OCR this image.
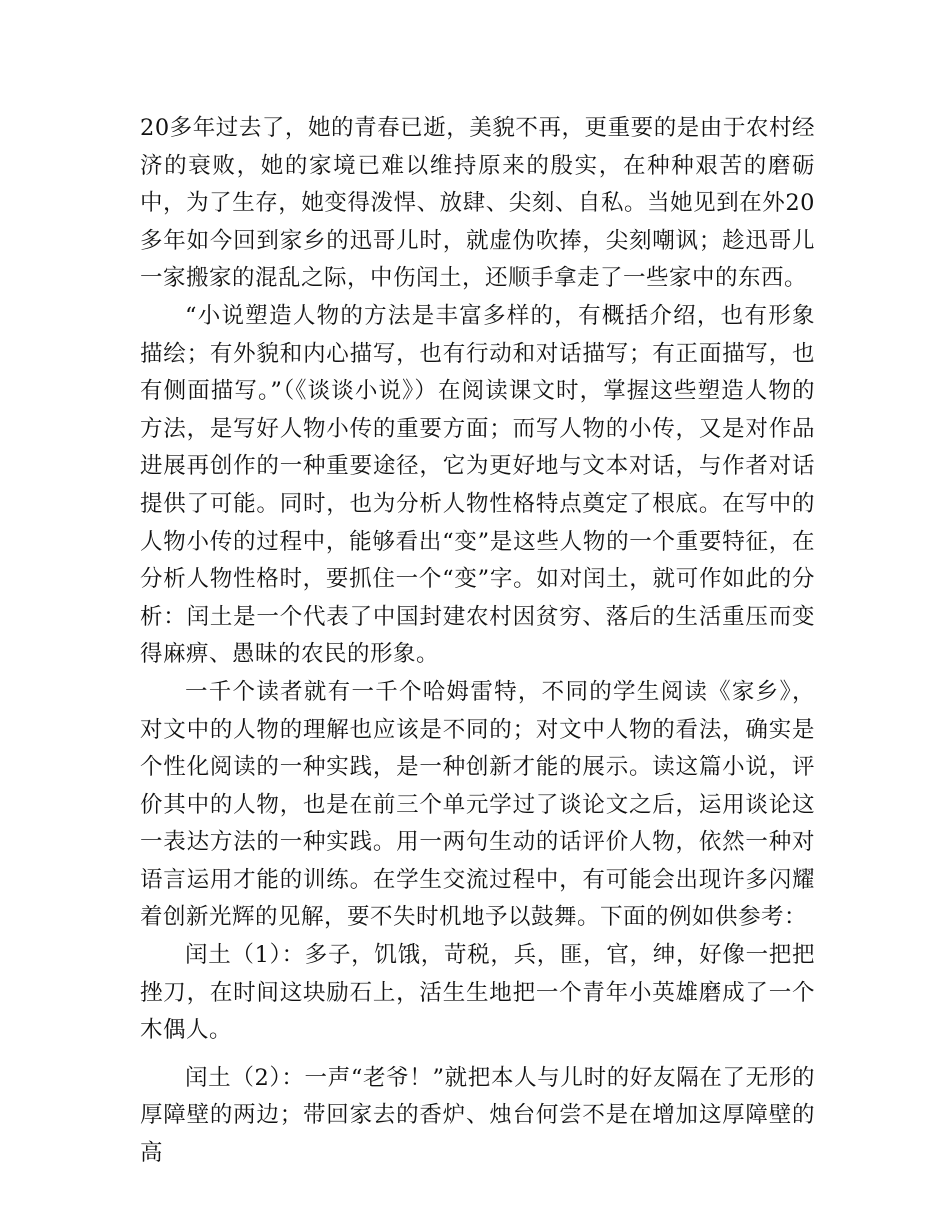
20多年过去了，她的青春已逝，美貌不再，更重要的是由于农村经济的衰败，她的家境已难以维持原来的殷实，在种种艰苦的磨砺中，为了生存，她变得泼悍、放肆、尖刻、自私。当她见到在外20多年如今回到家乡的迅哥儿时，就虚伪吹捧，尖刻嘲讽；趁迅哥儿一家搬家的混乱之际，中伤闰土，还顺手拿走了一些家中的东西。

“小说塑造人物的方法是丰富多样的，有概括介绍，也有形象描绘；有外貌和内心描写，也有行动和对话描写；有正面描写，也有侧面描写。”（《谈谈小说》）在阅读课文时，掌握这些塑造人物的方法，是写好人物小传的重要方面；而写人物的小传，又是对作品进展再创作的一种重要途径，它为更好地与文本对话，与作者对话提供了可能。同时，也为分析人物性格特点奠定了根底。在写中的人物小传的过程中，能够看出“变”是这些人物的一个重要特征，在分析人物性格时，要抓住一个“变”字。如对闰土，就可作如此的分析：闰土是一个代表了中国封建农村因贫穷、落后的生活重压而变得麻痹、愚昧的农民的形象。

一千个读者就有一千个哈姆雷特，不同的学生阅读《家乡》，对文中的人物的理解也应该是不同的；对文中人物的看法，确实是个性化阅读的一种实践，是一种创新才能的展示。读这篇小说，评价其中的人物，也是在前三个单元学过了谈论文之后，运用谈论这一表达方法的一种实践。用一两句生动的话评价人物，依然一种对语言运用才能的训练。在学生交流过程中，有可能会出现许多闪耀着创新光辉的见解，要不失时机地予以鼓舞。下面的例如供参考：

闰土（1）：多子，饥饿，苛税，兵，匪，官，绅，好像一把把挫刀，在时间这块励石上，活生生地把一个青年小英雄磨成了一个木偶人。

闰土（2）：一声“老爷！”就把本人与儿时的好友隔在了无形的厚障壁的两边；带回家去的香炉、烛台何尝不是在增加这厚障壁的高
